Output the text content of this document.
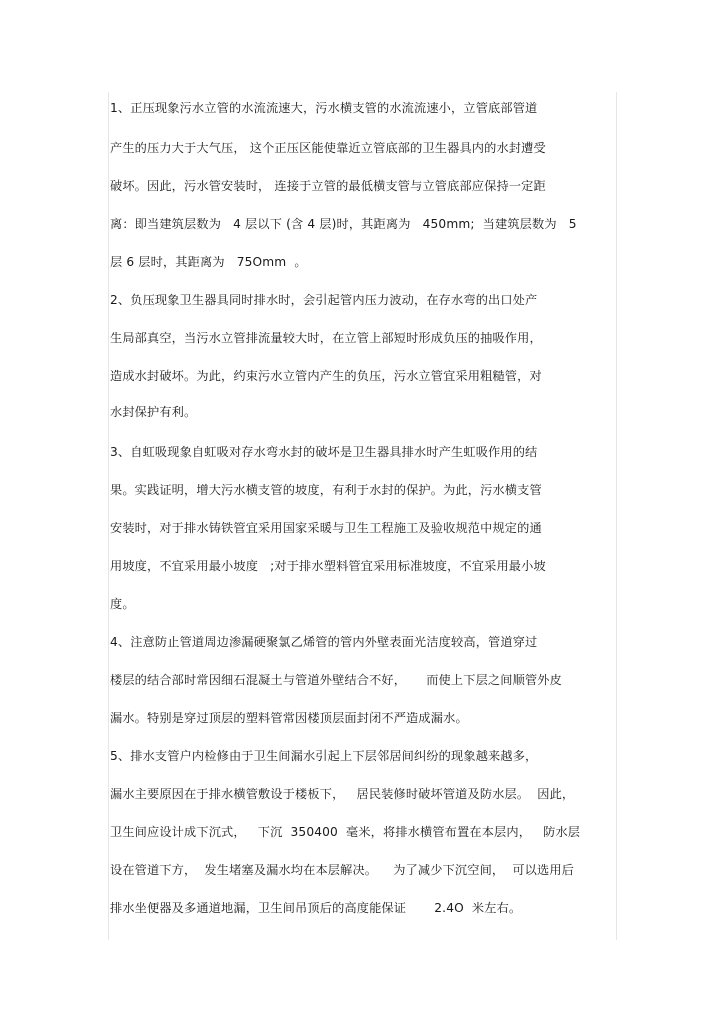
1、正压现象污水立管的水流流速大，污水横支管的水流流速小，立管底部管道
产生的压力大于大气压， 这个正压区能使靠近立管底部的卫生器具内的水封遭受
破坏。因此，污水管安装时， 连接于立管的最低横支管与立管底部应保持一定距
离：即当建筑层数为   4 层以下 (含 4 层)时，其距离为   450mm;  当建筑层数为   5
层 6 层时，其距离为   75Omm  。
2、负压现象卫生器具同时排水时，会引起管内压力波动，在存水弯的出口处产
生局部真空，当污水立管排流量较大时，在立管上部短时形成负压的抽吸作用，
造成水封破坏。为此，约束污水立管内产生的负压，污水立管宜采用粗糙管，对
水封保护有利。
3、自虹吸现象自虹吸对存水弯水封的破坏是卫生器具排水时产生虹吸作用的结
果。实践证明，增大污水横支管的坡度，有利于水封的保护。为此，污水横支管
安装时，对于排水铸铁管宜采用国家采暖与卫生工程施工及验收规范中规定的通
用坡度，不宜采用最小坡度   ;对于排水塑料管宜采用标准坡度，不宜采用最小坡
度。
4、注意防止管道周边渗漏硬聚氯乙烯管的管内外壁表面光洁度较高，管道穿过
楼层的结合部时常因细石混凝土与管道外壁结合不好，     而使上下层之间顺管外皮
漏水。特别是穿过顶层的塑料管常因楼顶层面封闭不严造成漏水。
5、排水支管户内检修由于卫生间漏水引起上下层邻居间纠纷的现象越来越多，
漏水主要原因在于排水横管敷设于楼板下，   居民装修时破坏管道及防水层。  因此，
卫生间应设计成下沉式，   下沉  350400  毫米，将排水横管布置在本层内，   防水层
设在管道下方，  发生堵塞及漏水均在本层解决。    为了减少下沉空间，  可以选用后
排水坐便器及多通道地漏，卫生间吊顶后的高度能保证       2.4O  米左右。
